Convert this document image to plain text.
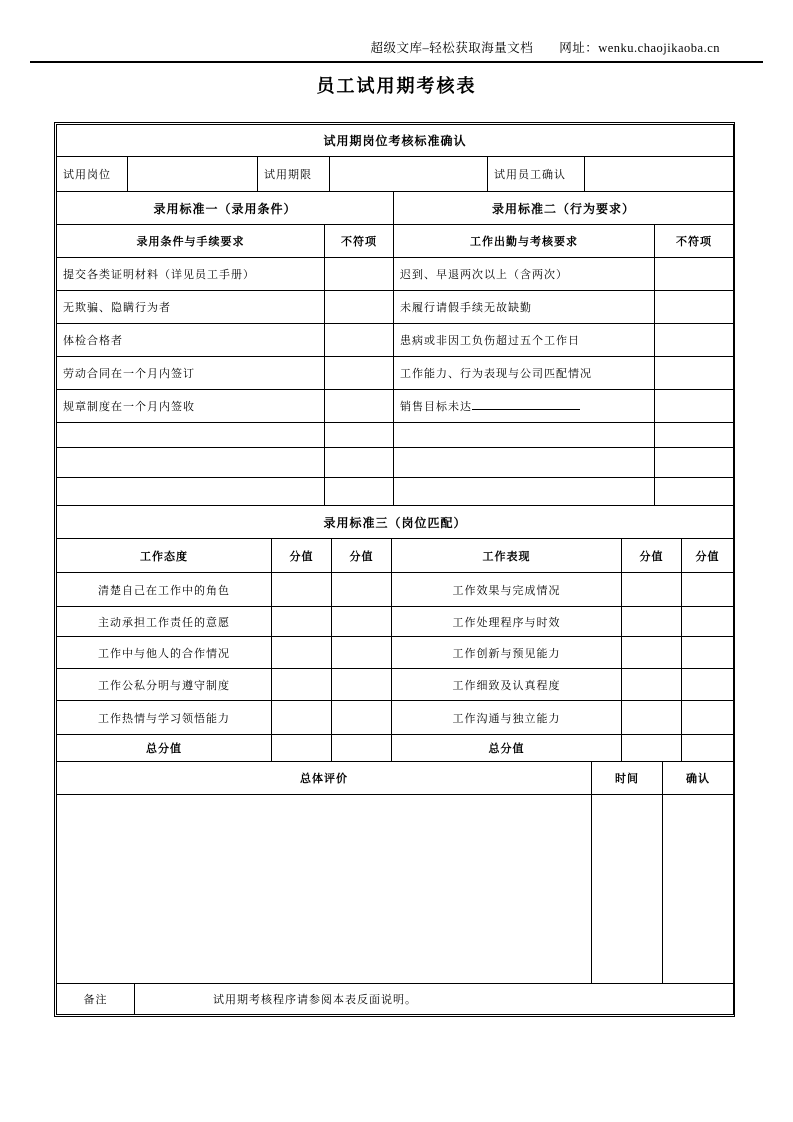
超级文库–轻松获取海量文档 网址：wenku.chaojikaoba.cn
员工试用期考核表
试用期岗位考核标准确认
试用岗位		试用期限		试用员工确认	
录用标准一（录用条件）		录用标准二（行为要求）	
录用条件与手续要求	不符项	工作出勤与考核要求	不符项
提交各类证明材料（详见员工手册）		迟到、早退两次以上（含两次）	
无欺骗、隐瞒行为者		未履行请假手续无故缺勤	
体检合格者		患病或非因工负伤超过五个工作日	
劳动合同在一个月内签订		工作能力、行为表现与公司匹配情况	
规章制度在一个月内签收		销售目标未达	

录用标准三（岗位匹配）					
工作态度	分值	分值	工作表现	分值	分值
清楚自己在工作中的角色			工作效果与完成情况		
主动承担工作责任的意愿			工作处理程序与时效		
工作中与他人的合作情况			工作创新与预见能力		
工作公私分明与遵守制度			工作细致及认真程度		
工作热情与学习领悟能力			工作沟通与独立能力		
总分值			总分值		
总体评价	时间	确认

备注	试用期考核程序请参阅本表反面说明。
